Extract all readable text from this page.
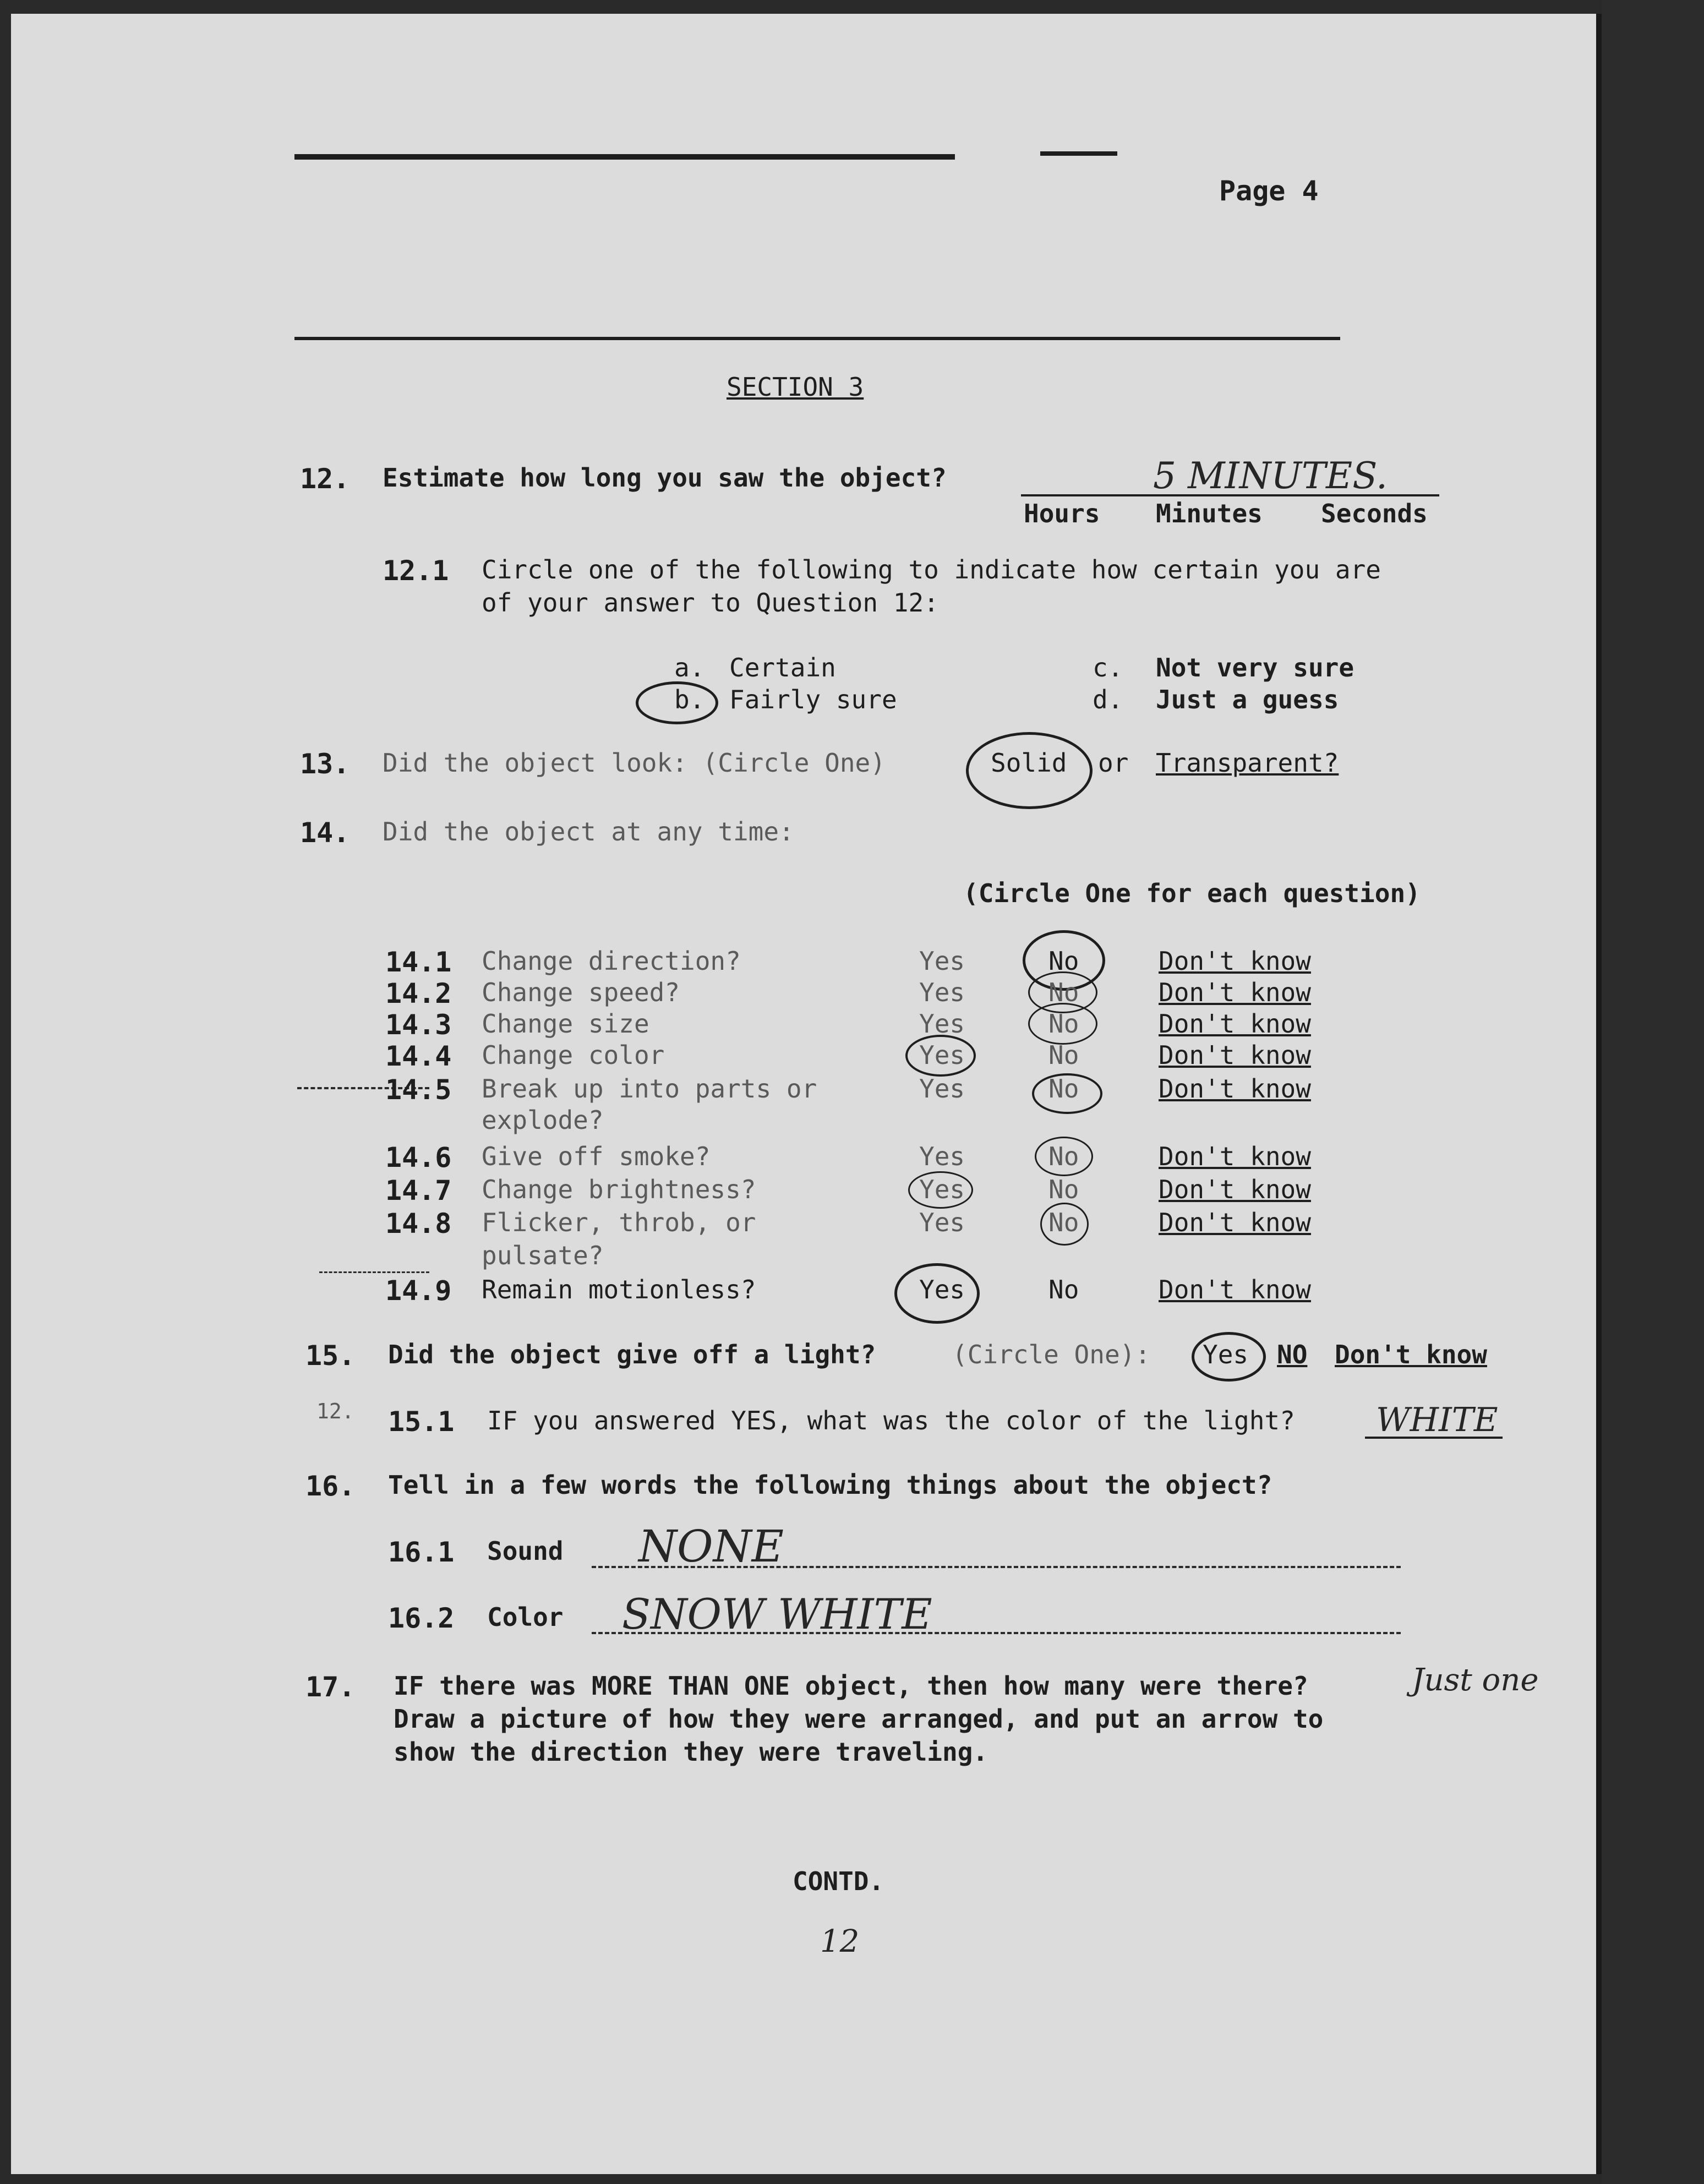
Page 4
SECTION 3
12. Estimate how long you saw the object?	5 MINUTES.
Hours Minutes Seconds
12.1 Circle one of the following to indicate how certain you are
of your answer to Question 12:
a. Certain
b. Fairly sure
c. Not very sure
d. Just a guess
13. Did the object look: (Circle One)	Solid or Transparent?
14. Did the object at any time:
(Circle One for each question)
14.1 Change direction?	Yes	No	Don't know
14.2 Change speed?	Yes	No	Don't know
14.3 Change size	Yes	No	Don't know
14.4 Change color	Yes	No	Don't know
14.5 Break up into parts or
explode?
Yes	No	Don't know
14.6 Give off smoke?	Yes	No	Don't know
14.7 Change brightness?	Yes	No	Don't know
14.8 Flicker, throb, or
pulsate?
Yes	No	Don't know
14.9 Remain motionless?	Yes	No	Don't know
15. Did the object give off a light?	(Circle One): Yes NO Don't know
12. 15.1 IF you answered YES, what was the color of the light? WHITE
16. Tell in a few words the following things about the object?
16.1 Sound NONE
16.2 Color SNOW WHITE
17. IF there was MORE THAN ONE object, then how many were there?	Just one
Draw a picture of how they were arranged, and put an arrow to
show the direction they were traveling.
CONTD.
12
